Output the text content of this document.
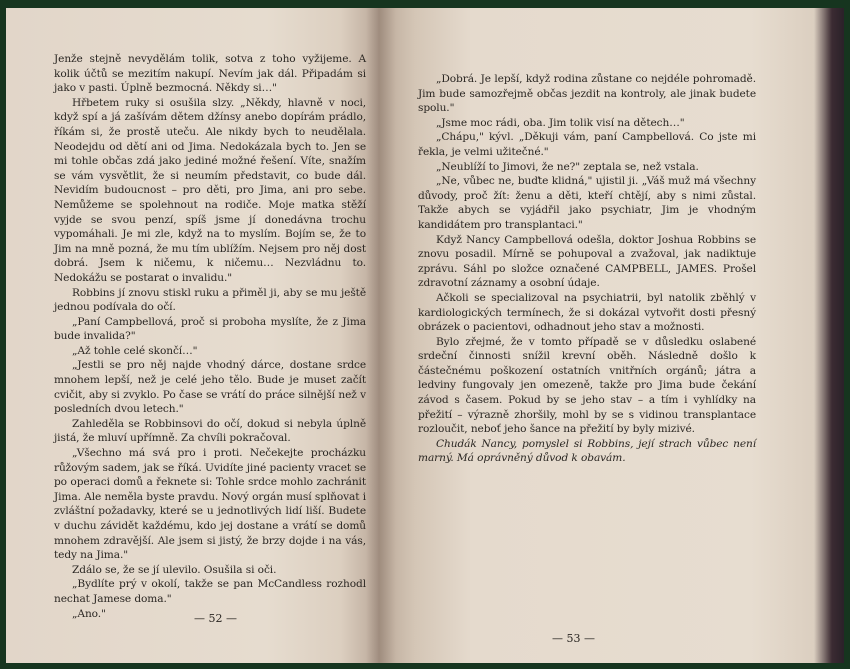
Jenže stejně nevydělám tolik, sotva z toho vyžijeme. A kolik účtů se mezitím nakupí. Nevím jak dál. Připadám si jako v pasti. Úplně bezmocná. Někdy si…"

Hřbetem ruky si osušila slzy. „Někdy, hlavně v noci, když spí a já zašívám dětem džínsy anebo dopírám prádlo, říkám si, že prostě uteču. Ale nikdy bych to neudělala. Neodejdu od dětí ani od Jima. Nedokázala bych to. Jen se mi tohle občas zdá jako jediné možné řešení. Víte, snažím se vám vysvětlit, že si neumím představit, co bude dál. Nevidím budoucnost – pro děti, pro Jima, ani pro sebe. Nemůžeme se spolehnout na rodiče. Moje matka stěží vyjde se svou penzí, spíš jsme jí donedávna trochu vypomáhali. Je mi zle, když na to myslím. Bojím se, že to Jim na mně pozná, že mu tím ublížím. Nejsem pro něj dost dobrá. Jsem k ničemu, k ničemu… Nezvládnu to. Nedokážu se postarat o invalidu."

Robbins jí znovu stiskl ruku a přiměl ji, aby se mu ještě jednou podívala do očí.

„Paní Campbellová, proč si proboha myslíte, že z Jima bude invalida?"

„Až tohle celé skončí…"

„Jestli se pro něj najde vhodný dárce, dostane srdce mnohem lepší, než je celé jeho tělo. Bude je muset začít cvičit, aby si zvyklo. Po čase se vrátí do práce silnější než v posledních dvou letech."

Zahleděla se Robbinsovi do očí, dokud si nebyla úplně jistá, že mluví upřímně. Za chvíli pokračoval.

„Všechno má svá pro i proti. Nečekejte procházku růžovým sadem, jak se říká. Uvidíte jiné pacienty vracet se po operaci domů a řeknete si: Tohle srdce mohlo zachránit Jima. Ale neměla byste pravdu. Nový orgán musí splňovat i zvláštní požadavky, které se u jednotlivých lidí liší. Budete v duchu závidět každému, kdo jej dostane a vrátí se domů mnohem zdravější. Ale jsem si jistý, že brzy dojde i na vás, tedy na Jima."

Zdálo se, že se jí ulevilo. Osušila si oči.

„Bydlíte prý v okolí, takže se pan McCandless rozhodl nechat Jamese doma."

„Ano."

„Dobrá. Je lepší, když rodina zůstane co nejdéle pohromadě. Jim bude samozřejmě občas jezdit na kontroly, ale jinak budete spolu."

„Jsme moc rádi, oba. Jim tolik visí na dětech…"

„Chápu," kývl. „Děkuji vám, paní Campbellová. Co jste mi řekla, je velmi užitečné."

„Neublíží to Jimovi, že ne?" zeptala se, než vstala.

„Ne, vůbec ne, buďte klidná," ujistil ji. „Váš muž má všechny důvody, proč žít: ženu a děti, kteří chtějí, aby s nimi zůstal. Takže abych se vyjádřil jako psychiatr, Jim je vhodným kandidátem pro transplantaci."

Když Nancy Campbellová odešla, doktor Joshua Robbins se znovu posadil. Mírně se pohupoval a zvažoval, jak nadiktuje zprávu. Sáhl po složce označené CAMPBELL, JAMES. Prošel zdravotní záznamy a osobní údaje.

Ačkoli se specializoval na psychiatrii, byl natolik zběhlý v kardiologických termínech, že si dokázal vytvořit dosti přesný obrázek o pacientovi, odhadnout jeho stav a možnosti.

Bylo zřejmé, že v tomto případě se v důsledku oslabené srdeční činnosti snížil krevní oběh. Následně došlo k částečnému poškození ostatních vnitřních orgánů; játra a ledviny fungovaly jen omezeně, takže pro Jima bude čekání závod s časem. Pokud by se jeho stav – a tím i vyhlídky na přežití – výrazně zhoršily, mohl by se s vidinou transplantace rozloučit, neboť jeho šance na přežití by byly mizivé.

Chudák Nancy, pomyslel si Robbins, její strach vůbec není marný. Má oprávněný důvod k obavám.

— 52 —
— 53 —
